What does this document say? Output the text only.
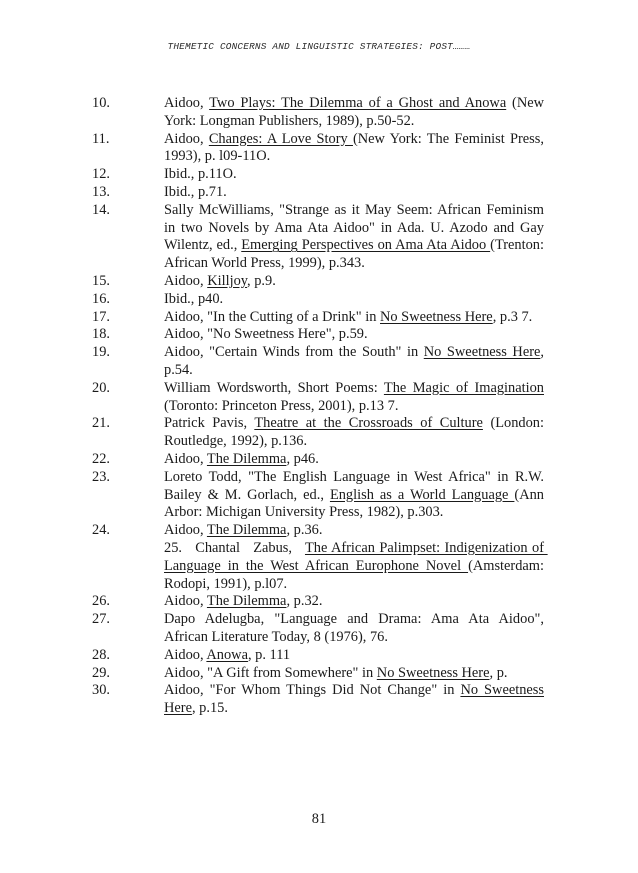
THEMETIC CONCERNS AND LINGUISTIC STRATEGIES: POST………
10.	Aidoo, Two Plays: The Dilemma of a Ghost and Anowa (New York: Longman Publishers, 1989), p.50-52.
11.	Aidoo, Changes: A Love Story (New York: The Feminist Press, 1993), p. l09-11O.
12.	Ibid., p.11O.
13.	Ibid., p.71.
14.	Sally McWilliams, "Strange as it May Seem: African Feminism in two Novels by Ama Ata Aidoo" in Ada. U. Azodo and Gay Wilentz, ed., Emerging Perspectives on Ama Ata Aidoo (Trenton: African World Press, 1999), p.343.
15.	Aidoo, Killjoy, p.9.
16.	Ibid., p40.
17.	Aidoo, "In the Cutting of a Drink" in No Sweetness Here, p.3 7.
18.	Aidoo, "No Sweetness Here", p.59.
19.	Aidoo, "Certain Winds from the South" in No Sweetness Here, p.54.
20.	William Wordsworth, Short Poems: The Magic of Imagination (Toronto: Princeton Press, 2001), p.13 7.
21.	Patrick Pavis, Theatre at the Crossroads of Culture (London: Routledge, 1992), p.136.
22.	Aidoo, The Dilemma, p46.
23.	Loreto Todd, "The English Language in West Africa" in R.W. Bailey & M. Gorlach, ed., English as a World Language (Ann Arbor: Michigan University Press, 1982), p.303.
24.	Aidoo, The Dilemma, p.36.
25.   Chantal   Zabus,   The African Palimpset: Indigenization of Language in the West African Europhone Novel (Amsterdam: Rodopi, 1991), p.l07.
26.	Aidoo, The Dilemma, p.32.
27.	Dapo Adelugba, "Language and Drama: Ama Ata Aidoo", African Literature Today, 8 (1976), 76.
28.	Aidoo, Anowa, p. 111
29.	Aidoo, "A Gift from Somewhere" in No Sweetness Here, p.
30.	Aidoo, "For Whom Things Did Not Change" in No Sweetness Here, p.15.
81
